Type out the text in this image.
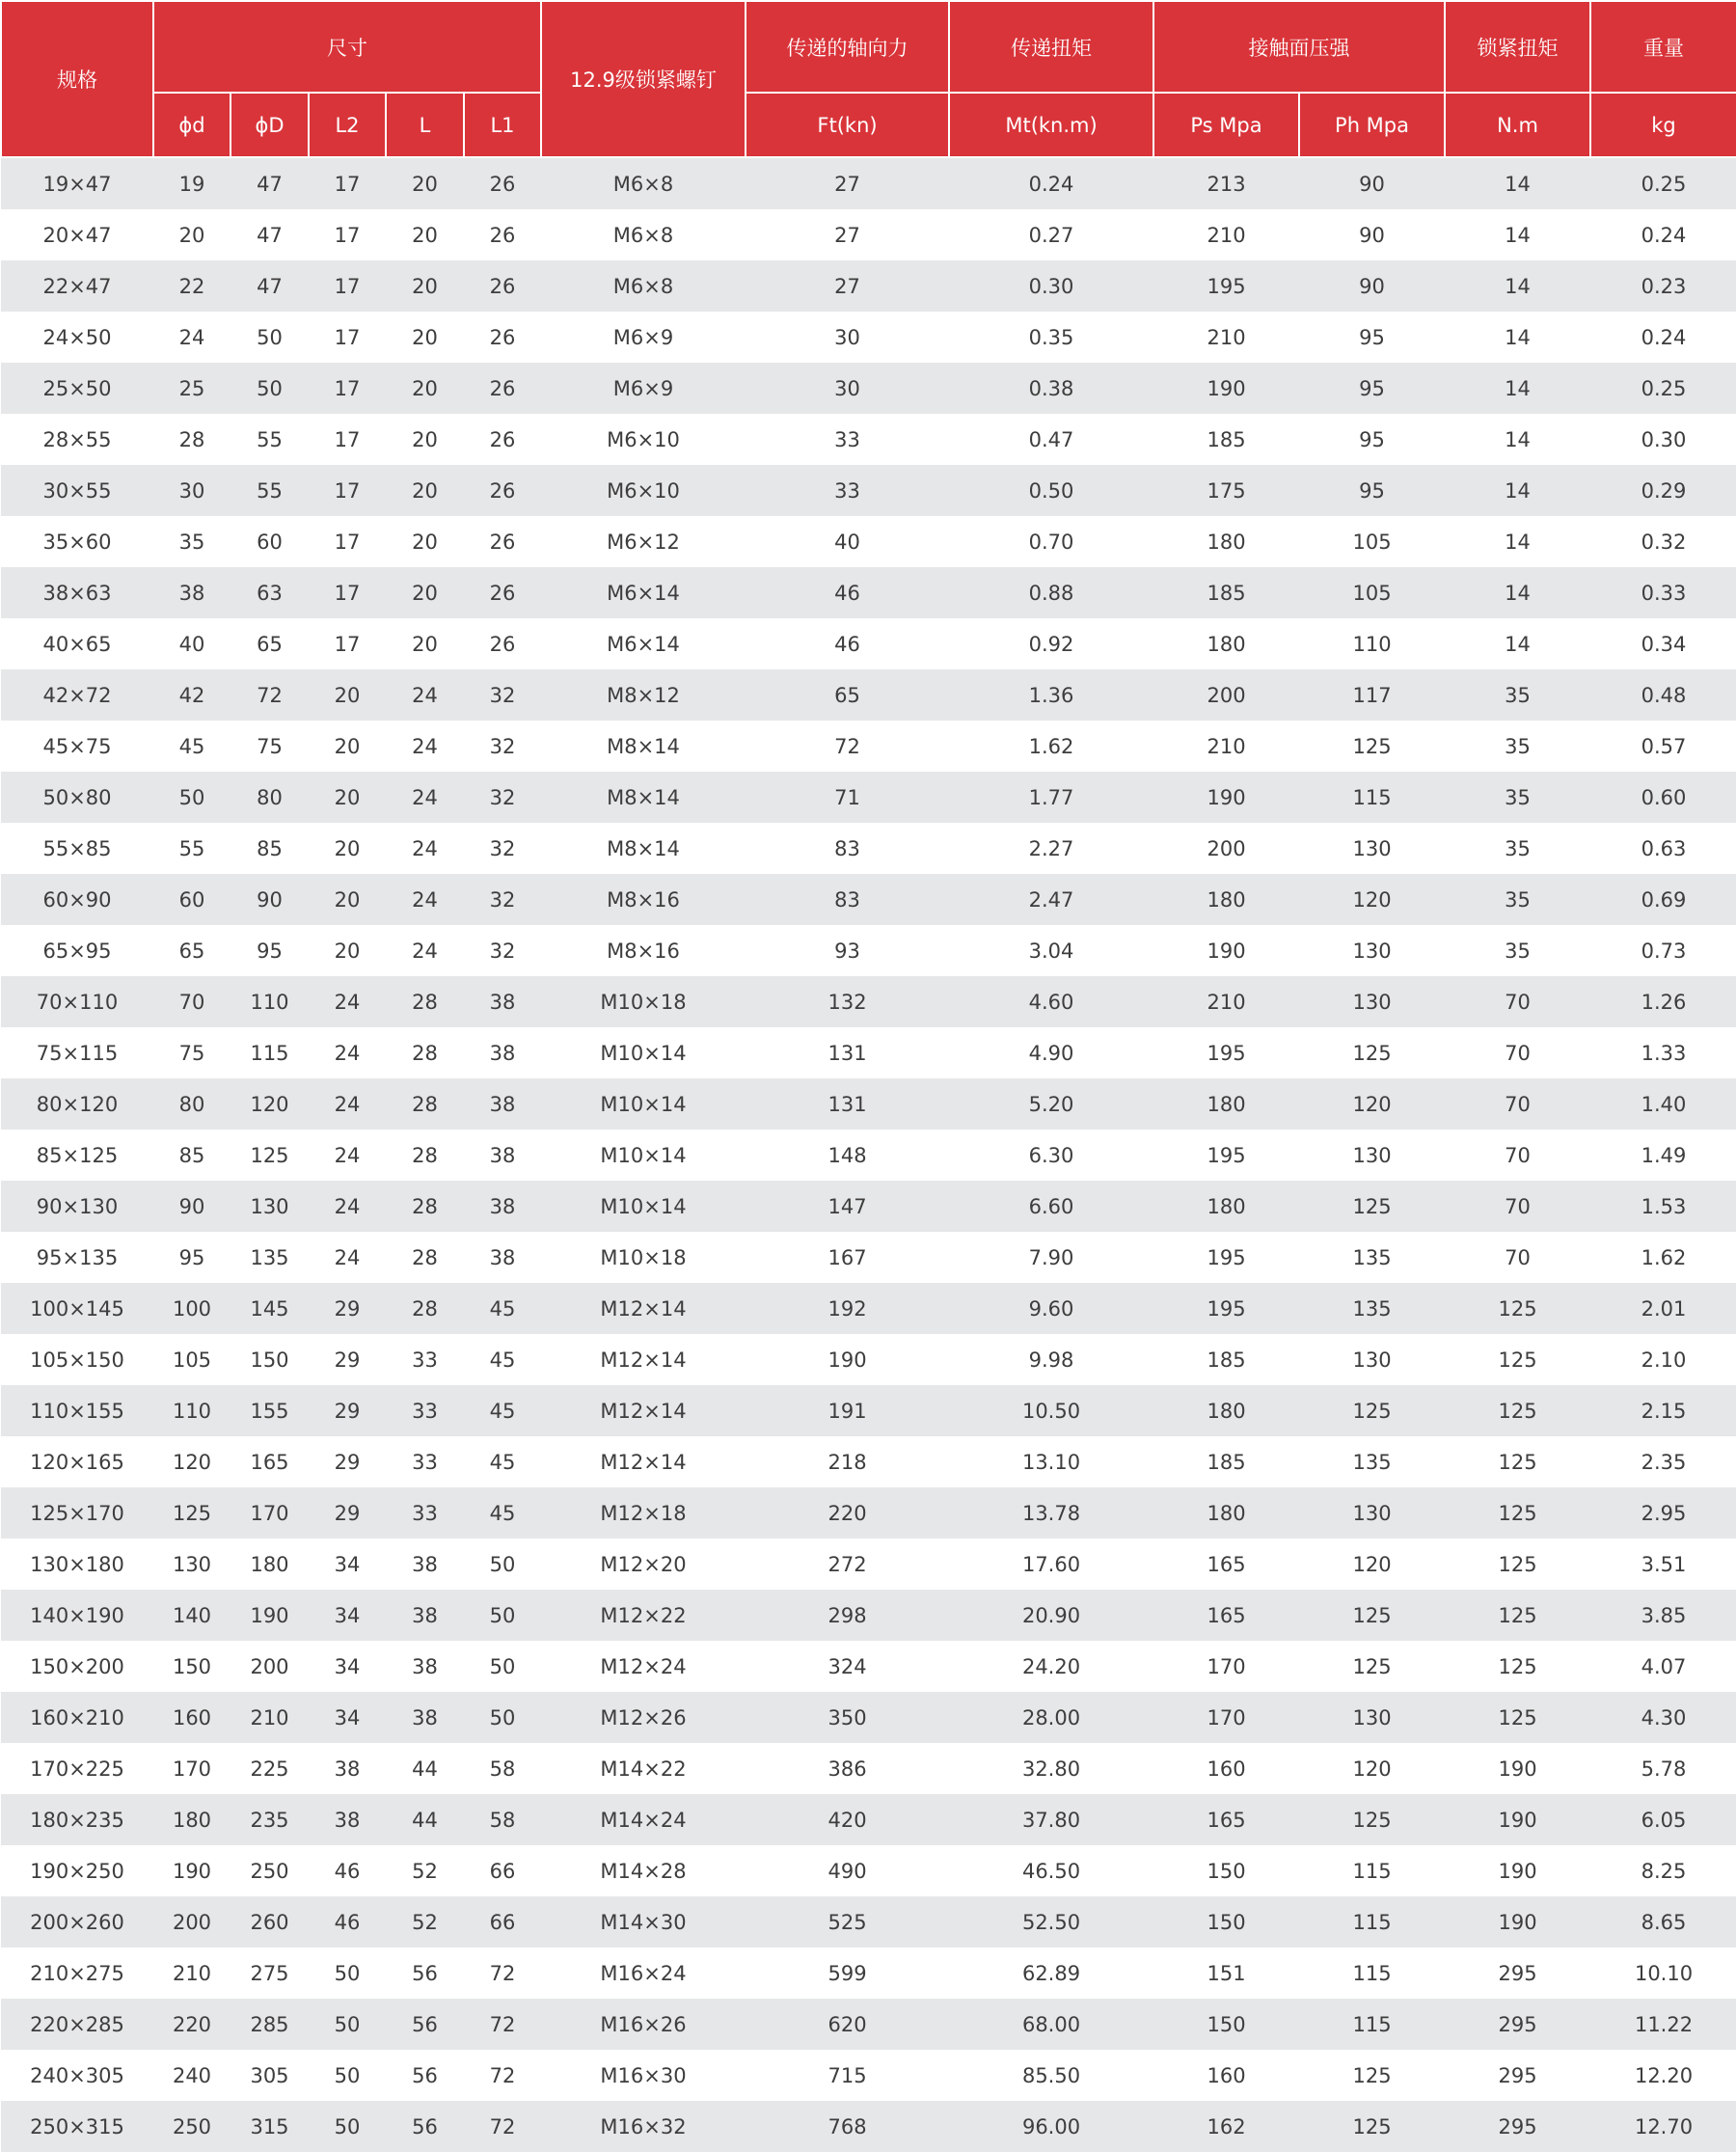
规格	尺寸					12.9级锁紧螺钉	传递的轴向力	传递扭矩	接触面压强		锁紧扭矩	重量
	ϕd	ϕD	L2	L	L1		Ft(kn)	Mt(kn.m)	Ps Mpa	Ph Mpa	N.m	kg
19×47	19	47	17	20	26	M6×8	27	0.24	213	90	14	0.25
20×47	20	47	17	20	26	M6×8	27	0.27	210	90	14	0.24
22×47	22	47	17	20	26	M6×8	27	0.30	195	90	14	0.23
24×50	24	50	17	20	26	M6×9	30	0.35	210	95	14	0.24
25×50	25	50	17	20	26	M6×9	30	0.38	190	95	14	0.25
28×55	28	55	17	20	26	M6×10	33	0.47	185	95	14	0.30
30×55	30	55	17	20	26	M6×10	33	0.50	175	95	14	0.29
35×60	35	60	17	20	26	M6×12	40	0.70	180	105	14	0.32
38×63	38	63	17	20	26	M6×14	46	0.88	185	105	14	0.33
40×65	40	65	17	20	26	M6×14	46	0.92	180	110	14	0.34
42×72	42	72	20	24	32	M8×12	65	1.36	200	117	35	0.48
45×75	45	75	20	24	32	M8×14	72	1.62	210	125	35	0.57
50×80	50	80	20	24	32	M8×14	71	1.77	190	115	35	0.60
55×85	55	85	20	24	32	M8×14	83	2.27	200	130	35	0.63
60×90	60	90	20	24	32	M8×16	83	2.47	180	120	35	0.69
65×95	65	95	20	24	32	M8×16	93	3.04	190	130	35	0.73
70×110	70	110	24	28	38	M10×18	132	4.60	210	130	70	1.26
75×115	75	115	24	28	38	M10×14	131	4.90	195	125	70	1.33
80×120	80	120	24	28	38	M10×14	131	5.20	180	120	70	1.40
85×125	85	125	24	28	38	M10×14	148	6.30	195	130	70	1.49
90×130	90	130	24	28	38	M10×14	147	6.60	180	125	70	1.53
95×135	95	135	24	28	38	M10×18	167	7.90	195	135	70	1.62
100×145	100	145	29	28	45	M12×14	192	9.60	195	135	125	2.01
105×150	105	150	29	33	45	M12×14	190	9.98	185	130	125	2.10
110×155	110	155	29	33	45	M12×14	191	10.50	180	125	125	2.15
120×165	120	165	29	33	45	M12×14	218	13.10	185	135	125	2.35
125×170	125	170	29	33	45	M12×18	220	13.78	180	130	125	2.95
130×180	130	180	34	38	50	M12×20	272	17.60	165	120	125	3.51
140×190	140	190	34	38	50	M12×22	298	20.90	165	125	125	3.85
150×200	150	200	34	38	50	M12×24	324	24.20	170	125	125	4.07
160×210	160	210	34	38	50	M12×26	350	28.00	170	130	125	4.30
170×225	170	225	38	44	58	M14×22	386	32.80	160	120	190	5.78
180×235	180	235	38	44	58	M14×24	420	37.80	165	125	190	6.05
190×250	190	250	46	52	66	M14×28	490	46.50	150	115	190	8.25
200×260	200	260	46	52	66	M14×30	525	52.50	150	115	190	8.65
210×275	210	275	50	56	72	M16×24	599	62.89	151	115	295	10.10
220×285	220	285	50	56	72	M16×26	620	68.00	150	115	295	11.22
240×305	240	305	50	56	72	M16×30	715	85.50	160	125	295	12.20
250×315	250	315	50	56	72	M16×32	768	96.00	162	125	295	12.70
